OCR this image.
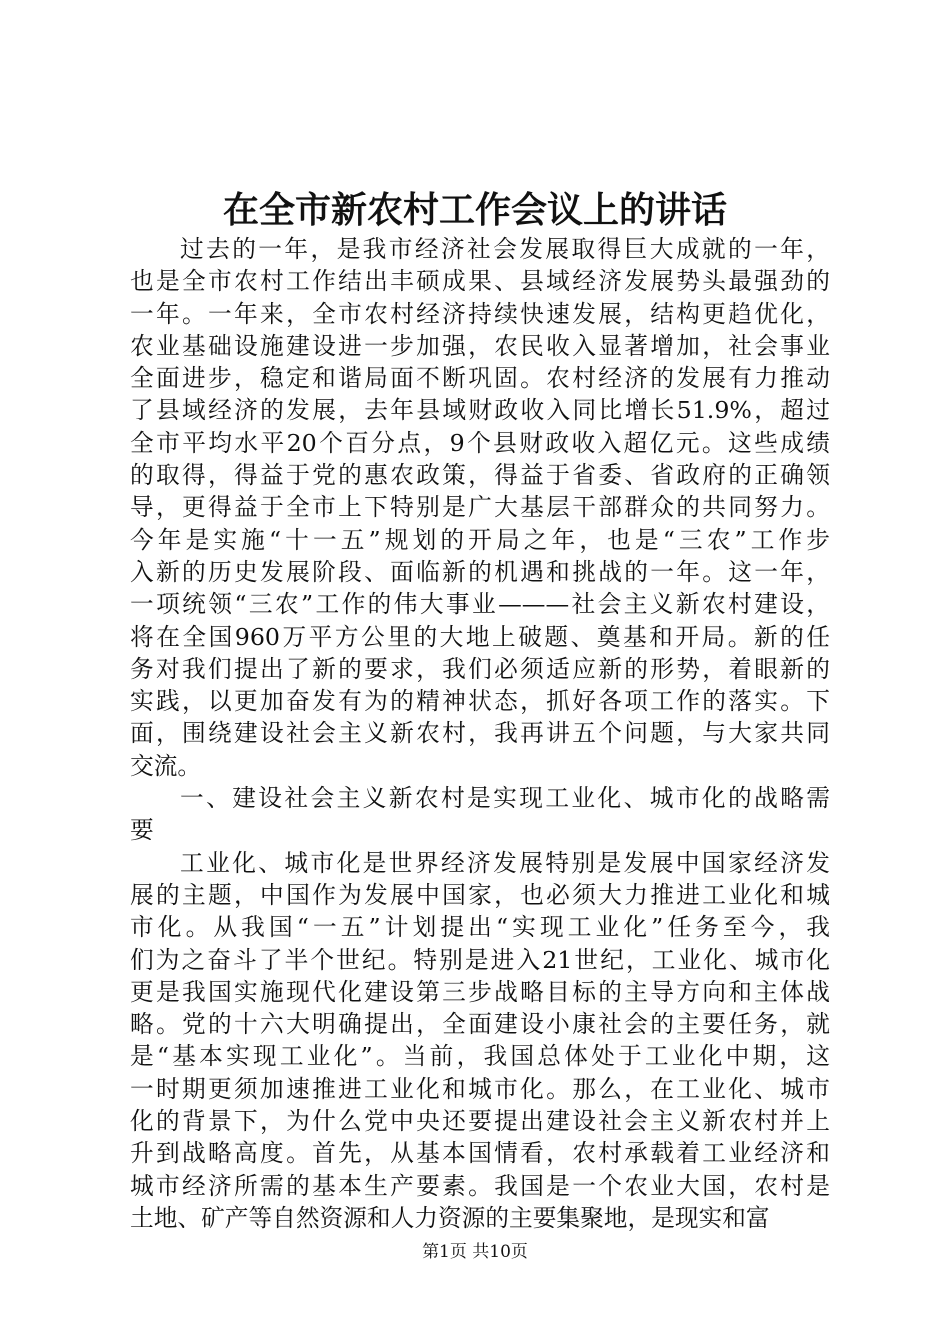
在全市新农村工作会议上的讲话
过去的一年，是我市经济社会发展取得巨大成就的一年，
也是全市农村工作结出丰硕成果、县域经济发展势头最强劲的
一年。一年来，全市农村经济持续快速发展，结构更趋优化，
农业基础设施建设进一步加强，农民收入显著增加，社会事业
全面进步，稳定和谐局面不断巩固。农村经济的发展有力推动
了县域经济的发展，去年县域财政收入同比增长51.9%，超过
全市平均水平20个百分点，9个县财政收入超亿元。这些成绩
的取得，得益于党的惠农政策，得益于省委、省政府的正确领
导，更得益于全市上下特别是广大基层干部群众的共同努力。
今年是实施“十一五”规划的开局之年，也是“三农”工作步
入新的历史发展阶段、面临新的机遇和挑战的一年。这一年，
一项统领“三农”工作的伟大事业———社会主义新农村建设，
将在全国960万平方公里的大地上破题、奠基和开局。新的任
务对我们提出了新的要求，我们必须适应新的形势，着眼新的
实践，以更加奋发有为的精神状态，抓好各项工作的落实。下
面，围绕建设社会主义新农村，我再讲五个问题，与大家共同
交流。
一、建设社会主义新农村是实现工业化、城市化的战略需
要
工业化、城市化是世界经济发展特别是发展中国家经济发
展的主题，中国作为发展中国家，也必须大力推进工业化和城
市化。从我国“一五”计划提出“实现工业化”任务至今，我
们为之奋斗了半个世纪。特别是进入21世纪，工业化、城市化
更是我国实施现代化建设第三步战略目标的主导方向和主体战
略。党的十六大明确提出，全面建设小康社会的主要任务，就
是“基本实现工业化”。当前，我国总体处于工业化中期，这
一时期更须加速推进工业化和城市化。那么，在工业化、城市
化的背景下，为什么党中央还要提出建设社会主义新农村并上
升到战略高度。首先，从基本国情看，农村承载着工业经济和
城市经济所需的基本生产要素。我国是一个农业大国，农村是
土地、矿产等自然资源和人力资源的主要集聚地，是现实和富
第1页 共10页
